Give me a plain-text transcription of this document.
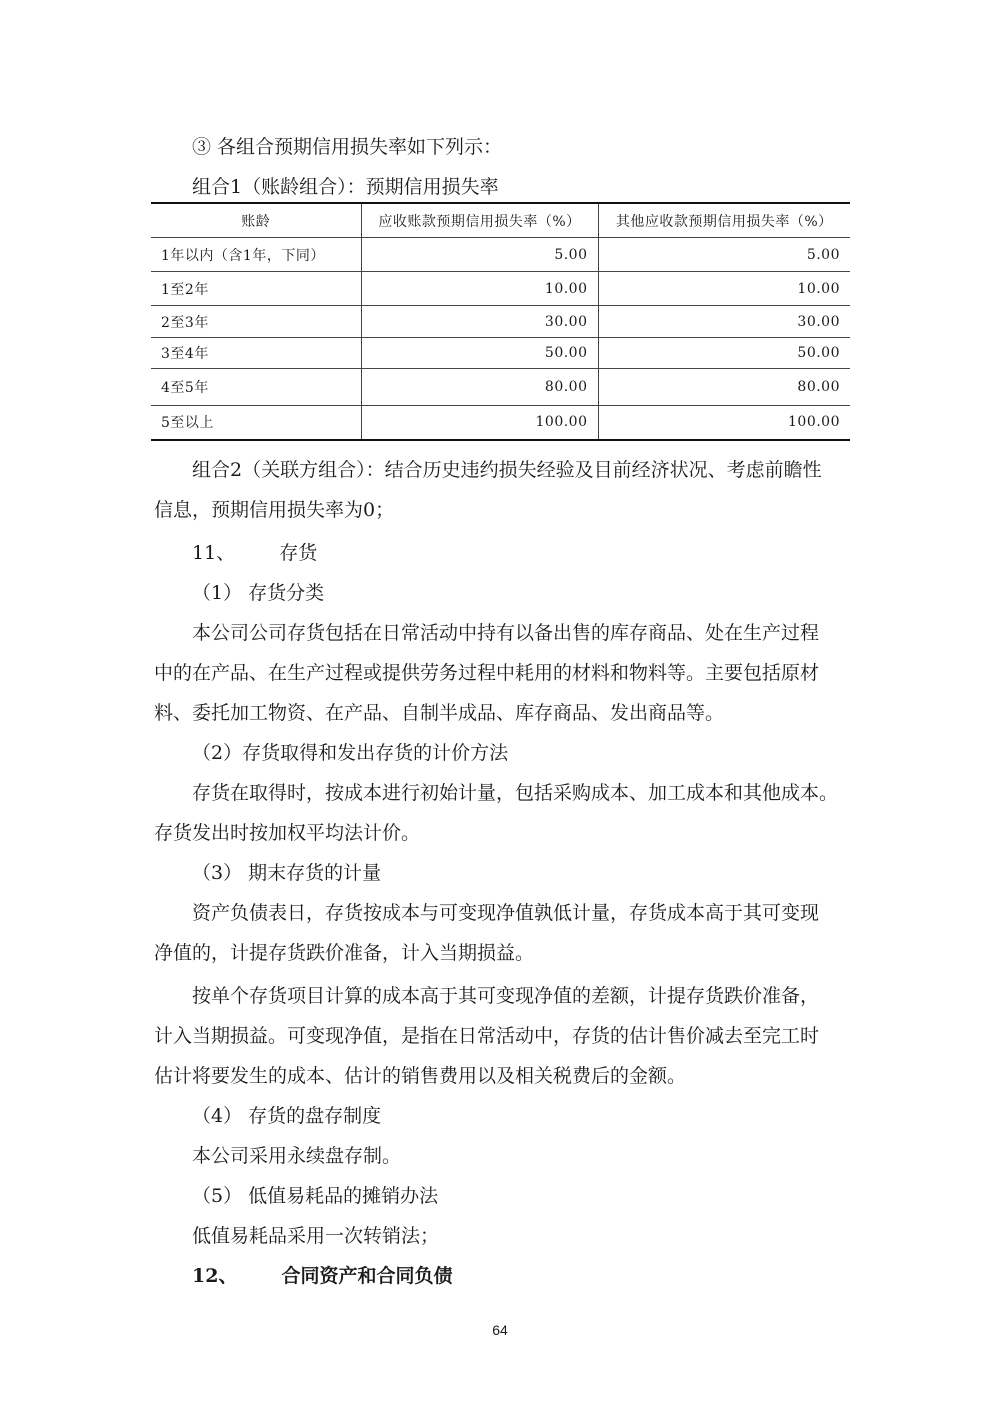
③ 各组合预期信用损失率如下列示：
组合1（账龄组合）：预期信用损失率
账龄	应收账款预期信用损失率（%）	其他应收款预期信用损失率（%）
1年以内（含1年，下同）	5.00	5.00
1至2年	10.00	10.00
2至3年	30.00	30.00
3至4年	50.00	50.00
4至5年	80.00	80.00
5至以上	100.00	100.00
组合2（关联方组合）：结合历史违约损失经验及目前经济状况、考虑前瞻性
信息，预期信用损失率为0；
11、 存货
（1） 存货分类
本公司公司存货包括在日常活动中持有以备出售的库存商品、处在生产过程
中的在产品、在生产过程或提供劳务过程中耗用的材料和物料等。主要包括原材
料、委托加工物资、在产品、自制半成品、库存商品、发出商品等。
（2）存货取得和发出存货的计价方法
存货在取得时，按成本进行初始计量，包括采购成本、加工成本和其他成本。
存货发出时按加权平均法计价。
（3） 期末存货的计量
资产负债表日，存货按成本与可变现净值孰低计量，存货成本高于其可变现
净值的，计提存货跌价准备，计入当期损益。
按单个存货项目计算的成本高于其可变现净值的差额，计提存货跌价准备，
计入当期损益。可变现净值，是指在日常活动中，存货的估计售价减去至完工时
估计将要发生的成本、估计的销售费用以及相关税费后的金额。
（4） 存货的盘存制度
本公司采用永续盘存制。
（5） 低值易耗品的摊销办法
低值易耗品采用一次转销法；
12、 合同资产和合同负债
64
